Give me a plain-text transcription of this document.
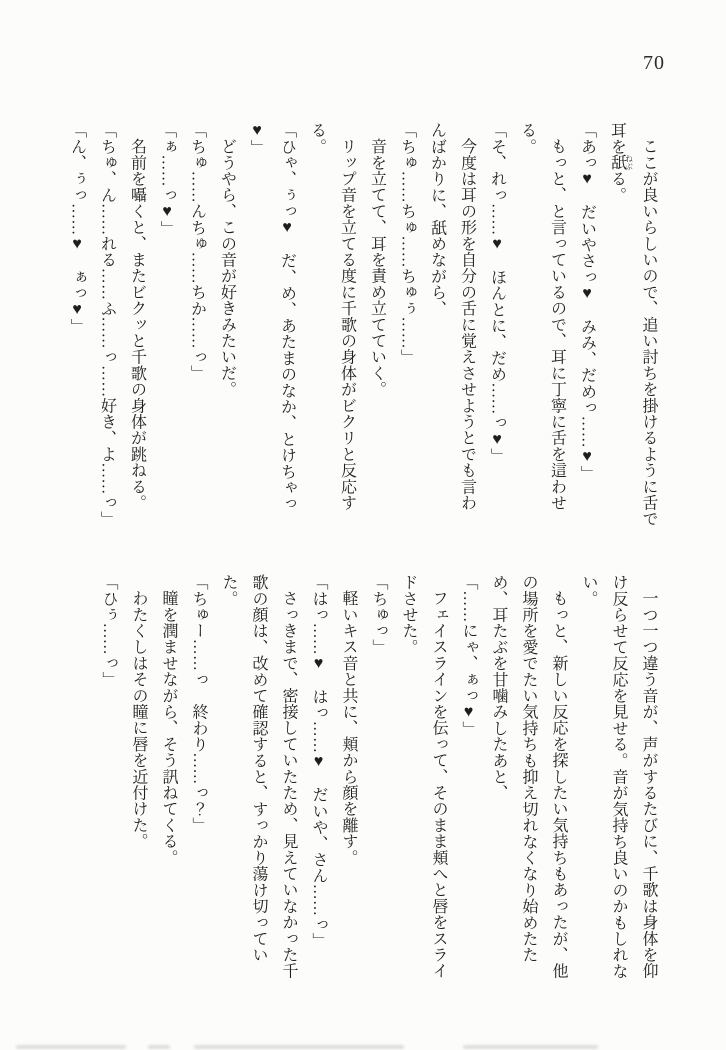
70

ここが良いらしいので、追い討ちを掛けるように舌で

耳を舐 ねぶる。

「あっ♥　だいやさっ♥　みみ、だめっ……♥」

もっと、と言っているので、耳に丁寧に舌を這わせる。

「そ、れっ……♥　ほんとに、だめ……っ♥」

今度は耳の形を自分の舌に覚えさせようとでも言わ

んばかりに、舐めながら、

「ちゅ……ちゅ……ちゅぅ……」

音を立てて、耳を責め立てていく。

リップ音を立てる度に千歌の身体がビクリと反応す

る。

「ひゃ、ぅっ♥　だ、め、あたまのなか、とけちゃっ♥」

どうやら、この音が好きみたいだ。

「ちゅ……んちゅ……ちか……っ」

「ぁ……っ♥」

名前を囁くと、またビクッと千歌の身体が跳ねる。

「ちゅ、ん……れる……ふ……っ……好き、よ……っ」

「ん、ぅっ……♥　ぁっ♥」

一つ一つ違う音が、声がするたびに、千歌は身体を仰

け反らせて反応を見せる。音が気持ち良いのかもしれな

い。

もっと、新しい反応を探したい気持ちもあったが、他

の場所を愛でたい気持ちも抑え切れなくなり始めたた

め、耳たぶを甘噛みしたあと、

「……にゃ、ぁっ♥」

フェイスラインを伝って、そのまま頬へと唇をスライ

ドさせた。

「ちゅっ」

軽いキス音と共に、頬から顔を離す。

「はっ……♥　はっ……♥　だいや、さん……っ」

さっきまで、密接していたため、見えていなかった千

歌の顔は、改めて確認すると、すっかり蕩け切っていた。

「ちゅー……っ　終わり……っ？」

瞳を潤ませながら、そう訊ねてくる。

わたくしはその瞳に唇を近付けた。

「ひぅ……っ」
